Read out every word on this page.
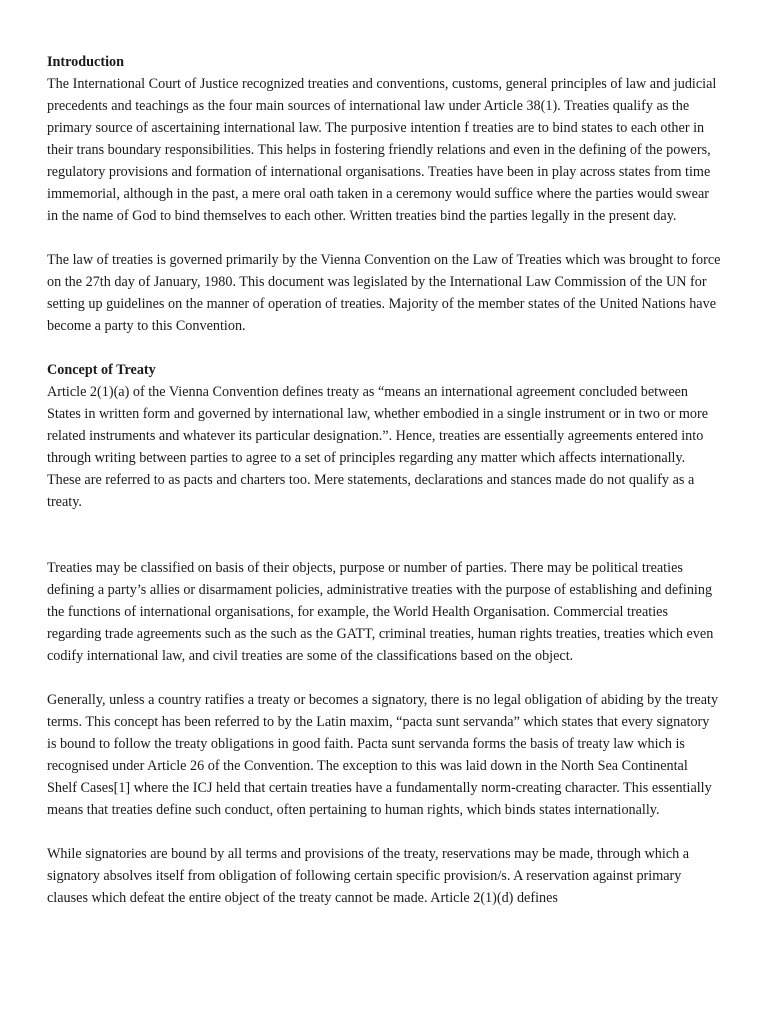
Introduction

The International Court of Justice recognized treaties and conventions, customs, general principles of law and judicial precedents and teachings as the four main sources of international law under Article 38(1). Treaties qualify as the primary source of ascertaining international law. The purposive intention f treaties are to bind states to each other in their trans boundary responsibilities. This helps in fostering friendly relations and even in the defining of the powers, regulatory provisions and formation of international organisations. Treaties have been in play across states from time immemorial, although in the past, a mere oral oath taken in a ceremony would suffice where the parties would swear in the name of God to bind themselves to each other. Written treaties bind the parties legally in the present day.

The law of treaties is governed primarily by the Vienna Convention on the Law of Treaties which was brought to force on the 27th day of January, 1980. This document was legislated by the International Law Commission of the UN for setting up guidelines on the manner of operation of treaties. Majority of the member states of the United Nations have become a party to this Convention.

Concept of Treaty

Article 2(1)(a) of the Vienna Convention defines treaty as “means an international agreement concluded between States in written form and governed by international law, whether embodied in a single instrument or in two or more related instruments and whatever its particular designation.”. Hence, treaties are essentially agreements entered into through writing between parties to agree to a set of principles regarding any matter which affects internationally. These are referred to as pacts and charters too. Mere statements, declarations and stances made do not qualify as a treaty.

Treaties may be classified on basis of their objects, purpose or number of parties. There may be political treaties defining a party’s allies or disarmament policies, administrative treaties with the purpose of establishing and defining the functions of international organisations, for example, the World Health Organisation. Commercial treaties regarding trade agreements such as the such as the GATT, criminal treaties, human rights treaties, treaties which even codify international law, and civil treaties are some of the classifications based on the object.

Generally, unless a country ratifies a treaty or becomes a signatory, there is no legal obligation of abiding by the treaty terms. This concept has been referred to by the Latin maxim, “pacta sunt servanda” which states that every signatory is bound to follow the treaty obligations in good faith. Pacta sunt servanda forms the basis of treaty law which is recognised under Article 26 of the Convention. The exception to this was laid down in the North Sea Continental Shelf Cases[1] where the ICJ held that certain treaties have a fundamentally norm-creating character. This essentially means that treaties define such conduct, often pertaining to human rights, which binds states internationally.

While signatories are bound by all terms and provisions of the treaty, reservations may be made, through which a signatory absolves itself from obligation of following certain specific provision/s. A reservation against primary clauses which defeat the entire object of the treaty cannot be made. Article 2(1)(d) defines
